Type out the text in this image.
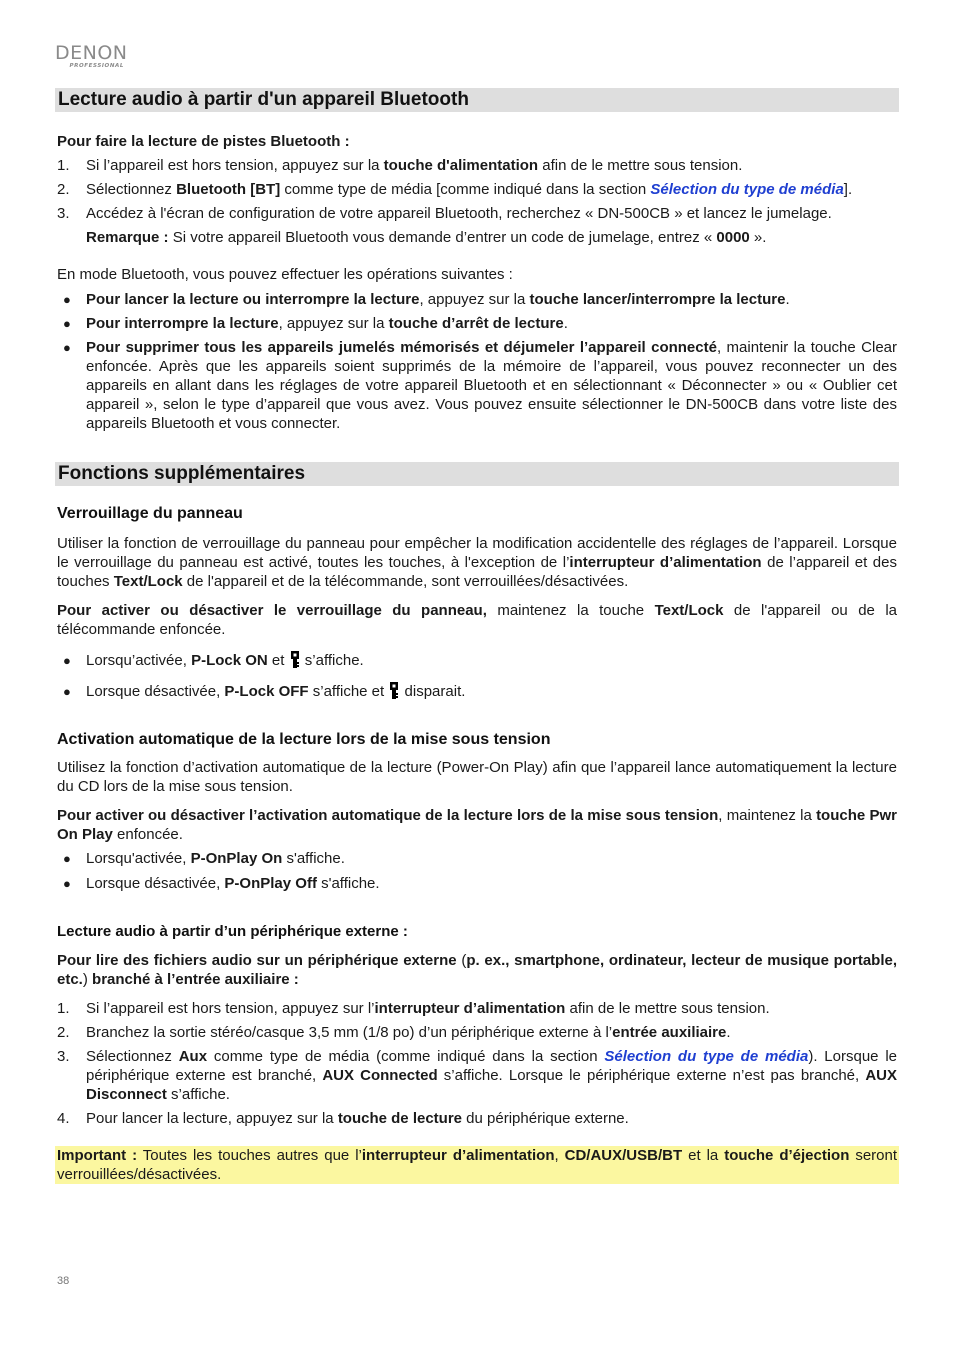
DENON
PROFESSIONAL
Lecture audio à partir d'un appareil Bluetooth

Pour faire la lecture de pistes Bluetooth :

1. Si l’appareil est hors tension, appuyez sur la touche d'alimentation afin de le mettre sous tension.
2. Sélectionnez Bluetooth [BT] comme type de média [comme indiqué dans la section Sélection du type de média].
3. Accédez à l'écran de configuration de votre appareil Bluetooth, recherchez « DN-500CB » et lancez le jumelage.

Remarque : Si votre appareil Bluetooth vous demande d’entrer un code de jumelage, entrez « 0000 ».

En mode Bluetooth, vous pouvez effectuer les opérations suivantes :

● Pour lancer la lecture ou interrompre la lecture, appuyez sur la touche lancer/interrompre la lecture.
● Pour interrompre la lecture, appuyez sur la touche d’arrêt de lecture.
● Pour supprimer tous les appareils jumelés mémorisés et déjumeler l’appareil connecté, maintenir la touche Clear enfoncée. Après que les appareils soient supprimés de la mémoire de l’appareil, vous pouvez reconnecter un des appareils en allant dans les réglages de votre appareil Bluetooth et en sélectionnant « Déconnecter » ou « Oublier cet appareil », selon le type d’appareil que vous avez. Vous pouvez ensuite sélectionner le DN-500CB dans votre liste des appareils Bluetooth et vous connecter.
Fonctions supplémentaires
Verrouillage du panneau

Utiliser la fonction de verrouillage du panneau pour empêcher la modification accidentelle des réglages de l’appareil. Lorsque le verrouillage du panneau est activé, toutes les touches, à l'exception de l’interrupteur d’alimentation de l’appareil et des touches Text/Lock de l'appareil et de la télécommande, sont verrouillées/désactivées.

Pour activer ou désactiver le verrouillage du panneau, maintenez la touche Text/Lock de l'appareil ou de la télécommande enfoncée.

● Lorsqu’activée, P-Lock ON et  s’affiche.
● Lorsque désactivée, P-Lock OFF s’affiche et  disparait.
Activation automatique de la lecture lors de la mise sous tension

Utilisez la fonction d’activation automatique de la lecture (Power-On Play) afin que l’appareil lance automatiquement la lecture du CD lors de la mise sous tension.

Pour activer ou désactiver l’activation automatique de la lecture lors de la mise sous tension, maintenez la touche Pwr On Play enfoncée.

● Lorsqu'activée, P-OnPlay On s'affiche.
● Lorsque désactivée, P-OnPlay Off s'affiche.
Lecture audio à partir d’un périphérique externe :

Pour lire des fichiers audio sur un périphérique externe (p. ex., smartphone, ordinateur, lecteur de musique portable, etc.) branché à l’entrée auxiliaire :

1. Si l’appareil est hors tension, appuyez sur l’interrupteur d’alimentation afin de le mettre sous tension.
2. Branchez la sortie stéréo/casque 3,5 mm (1/8 po) d’un périphérique externe à l’entrée auxiliaire.
3. Sélectionnez Aux comme type de média (comme indiqué dans la section Sélection du type de média). Lorsque le périphérique externe est branché, AUX Connected s’affiche. Lorsque le périphérique externe n’est pas branché, AUX Disconnect s’affiche.
4. Pour lancer la lecture, appuyez sur la touche de lecture du périphérique externe.

Important : Toutes les touches autres que l’interrupteur d’alimentation, CD/AUX/USB/BT et la touche d’éjection seront verrouillées/désactivées.

38
